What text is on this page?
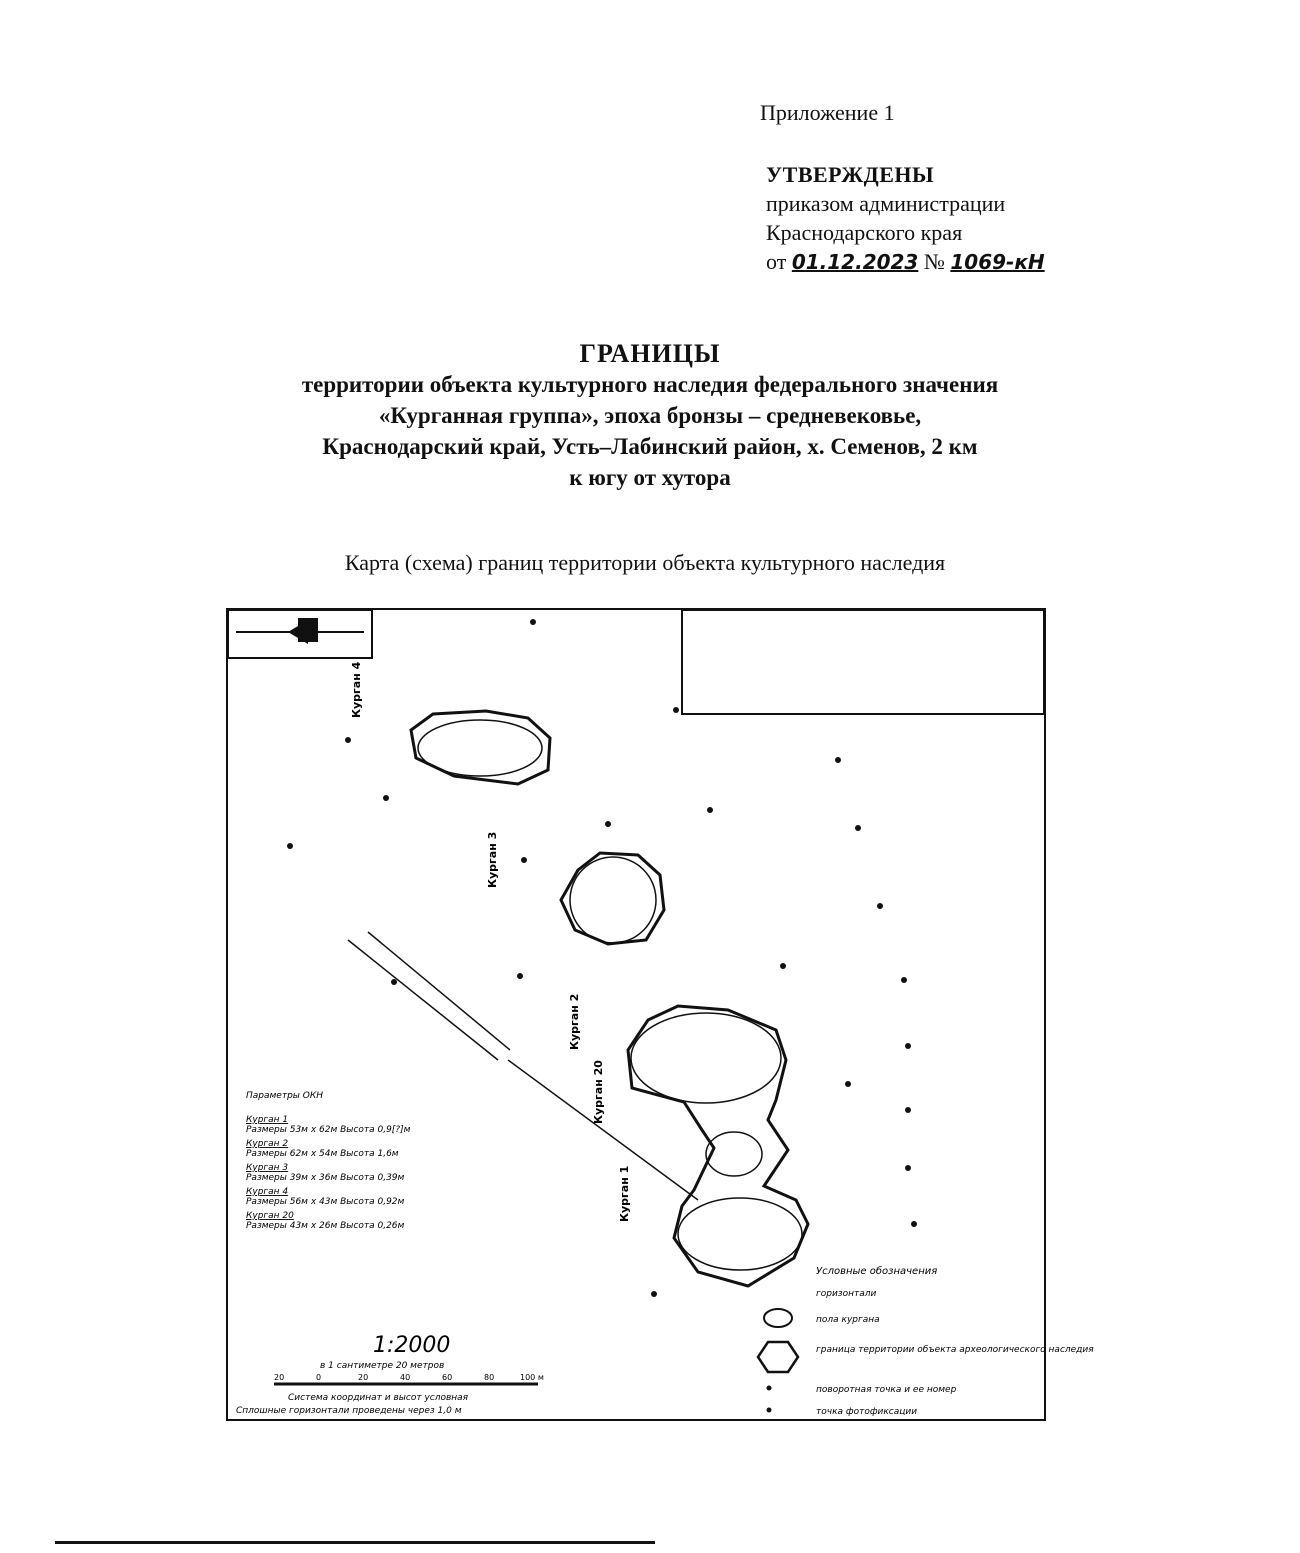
Приложение 1
УТВЕРЖДЕНЫ
приказом администрации
Краснодарского края
от 01.12.2023 № 1069-кН
ГРАНИЦЫ
территории объекта культурного наследия федерального значения
«Курганная группа», эпоха бронзы – средневековье,
Краснодарский край, Усть–Лабинский район, х. Семенов, 2 км
к югу от хутора
Карта (схема) границ территории объекта культурного наследия
Курган 4
Курган 3
Курган 2
Курган 20
Курган 1
Параметры ОКН
Курган 1
Размеры 53м x 62м Высота 0,9[?]м
Курган 2
Размеры 62м x 54м Высота 1,6м
Курган 3
Размеры 39м x 36м Высота 0,39м
Курган 4
Размеры 56м x 43м Высота 0,92м
Курган 20
Размеры 43м x 26м Высота 0,26м
1:2000
в 1 сантиметре 20 метров
20	0	20	40	60	80	100 м
Система координат и высот условная
Сплошные горизонтали проведены через 1,0 м
Условные обозначения
горизонтали
пола кургана
граница территории объекта археологического наследия
поворотная точка и ее номер
точка фотофиксации
